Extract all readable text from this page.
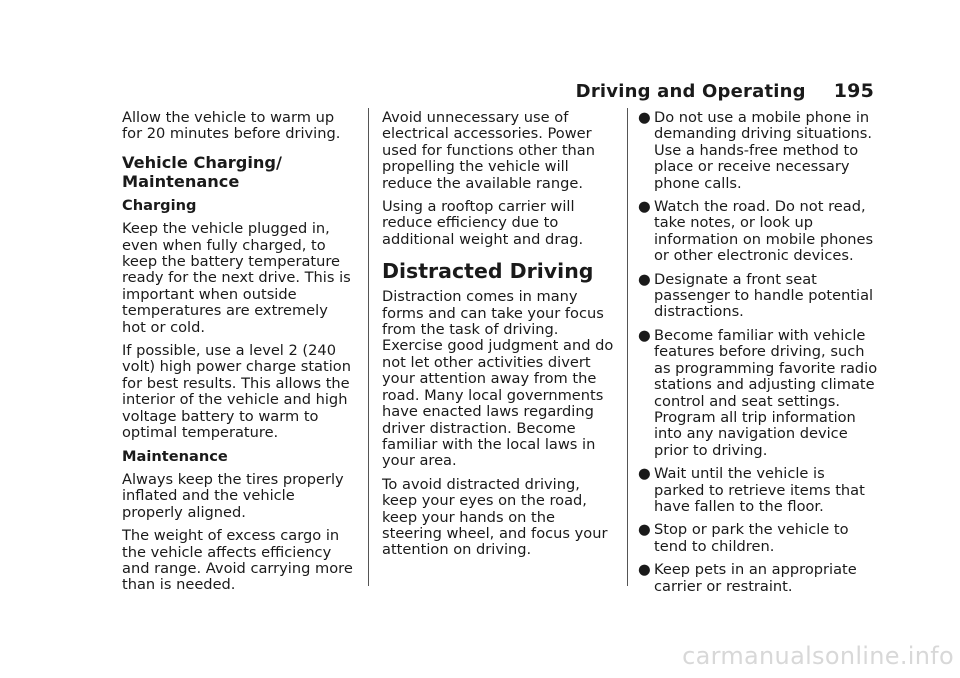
Driving and Operating 195

Allow the vehicle to warm up for 20 minutes before driving.

Vehicle Charging/ Maintenance
Charging

Keep the vehicle plugged in, even when fully charged, to keep the battery temperature ready for the next drive. This is important when outside temperatures are extremely hot or cold.

If possible, use a level 2 (240 volt) high power charge station for best results. This allows the interior of the vehicle and high voltage battery to warm to optimal temperature.

Maintenance

Always keep the tires properly inflated and the vehicle properly aligned.

The weight of excess cargo in the vehicle affects efficiency and range. Avoid carrying more than is needed.

Avoid unnecessary use of electrical accessories. Power used for functions other than propelling the vehicle will reduce the available range.

Using a rooftop carrier will reduce efficiency due to additional weight and drag.

Distracted Driving

Distraction comes in many forms and can take your focus from the task of driving. Exercise good judgment and do not let other activities divert your attention away from the road. Many local governments have enacted laws regarding driver distraction. Become familiar with the local laws in your area.

To avoid distracted driving, keep your eyes on the road, keep your hands on the steering wheel, and focus your attention on driving.

● Do not use a mobile phone in demanding driving situations. Use a hands-free method to place or receive necessary phone calls.
● Watch the road. Do not read, take notes, or look up information on mobile phones or other electronic devices.
● Designate a front seat passenger to handle potential distractions.
● Become familiar with vehicle features before driving, such as programming favorite radio stations and adjusting climate control and seat settings. Program all trip information into any navigation device prior to driving.
● Wait until the vehicle is parked to retrieve items that have fallen to the floor.
● Stop or park the vehicle to tend to children.
● Keep pets in an appropriate carrier or restraint.
carmanualsonline.info
